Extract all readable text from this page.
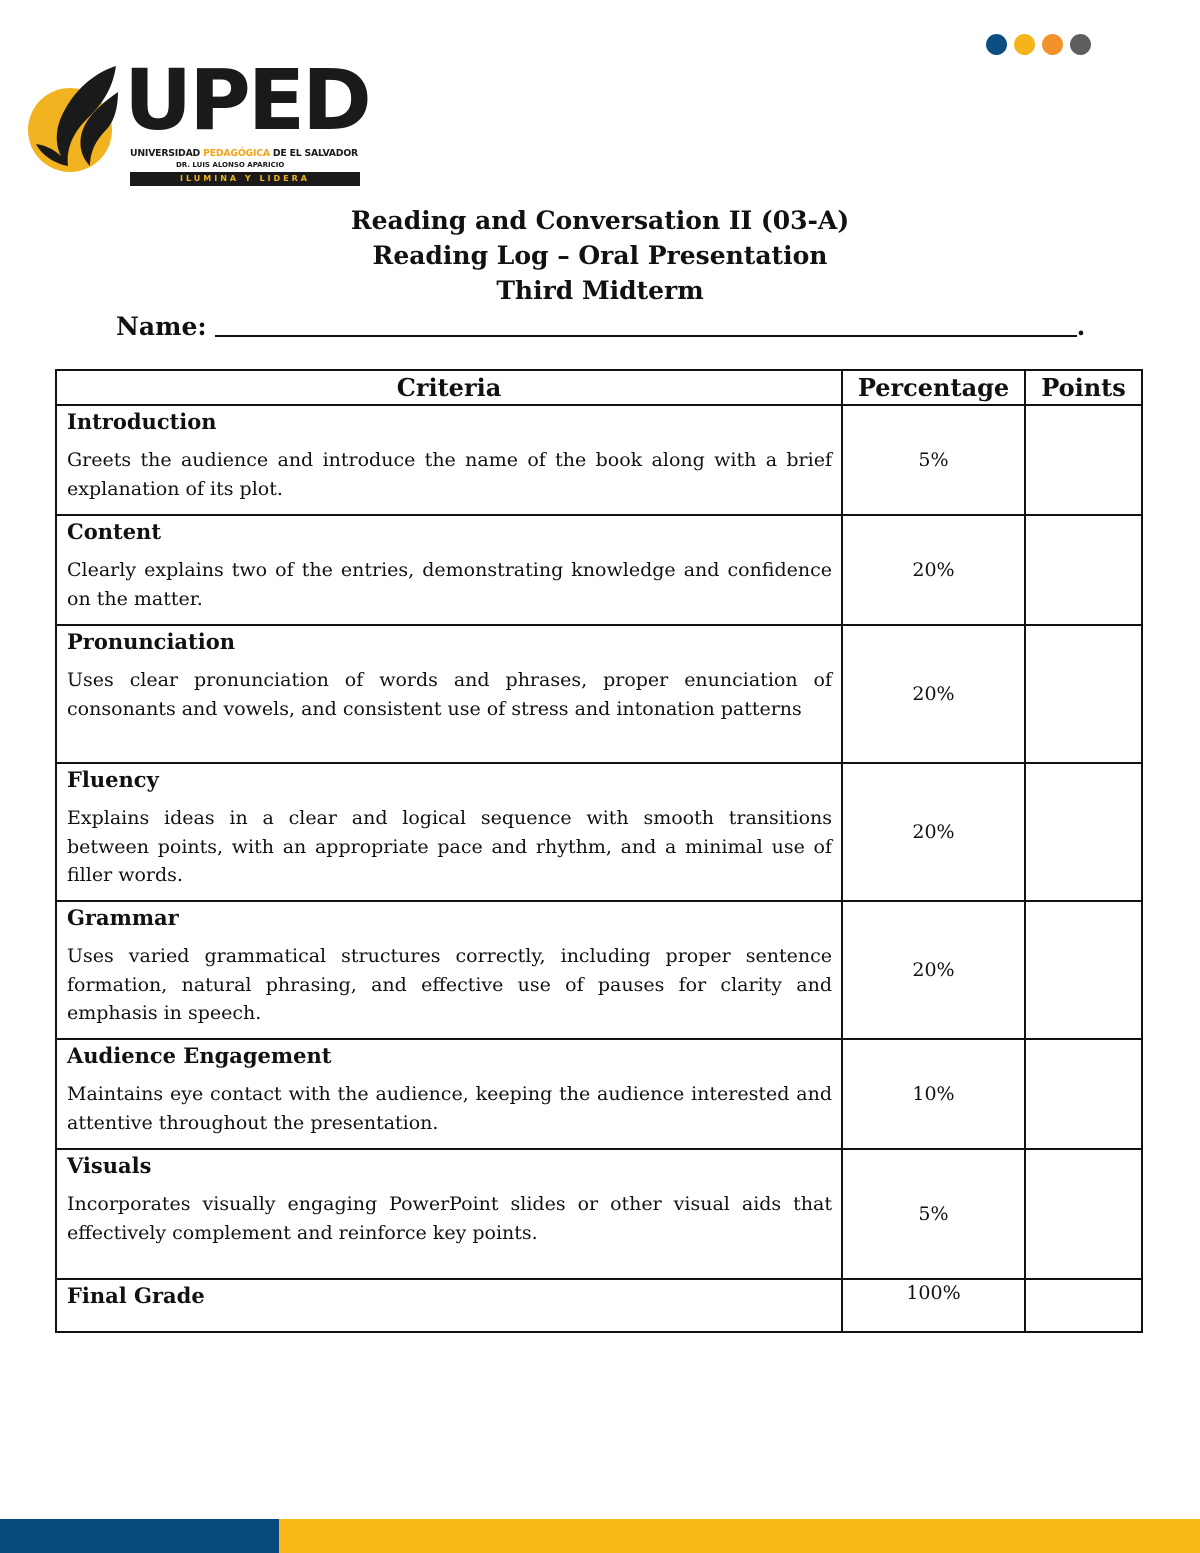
UPED
UNIVERSIDAD PEDAGÓGICA DE EL SALVADOR
DR. LUIS ALONSO APARICIO
ILUMINA Y LIDERA
Reading and Conversation II (03-A)
Reading Log – Oral Presentation
Third Midterm
Name:	.
Criteria	Percentage	Points

Introduction
Greets the audience and introduce the name of the book along with a brief explanation of its plot.	5%	

Content
Clearly explains two of the entries, demonstrating knowledge and confidence on the matter.	20%	

Pronunciation
Uses clear pronunciation of words and phrases, proper enunciation of consonants and vowels, and consistent use of stress and intonation patterns	20%	

Fluency
Explains ideas in a clear and logical sequence with smooth transitions between points, with an appropriate pace and rhythm, and a minimal use of filler words.	20%	

Grammar
Uses varied grammatical structures correctly, including proper sentence formation, natural phrasing, and effective use of pauses for clarity and emphasis in speech.	20%	

Audience Engagement
Maintains eye contact with the audience, keeping the audience interested and attentive throughout the presentation.	10%	

Visuals
Incorporates visually engaging PowerPoint slides or other visual aids that effectively complement and reinforce key points.	5%	

Final Grade	100%	
